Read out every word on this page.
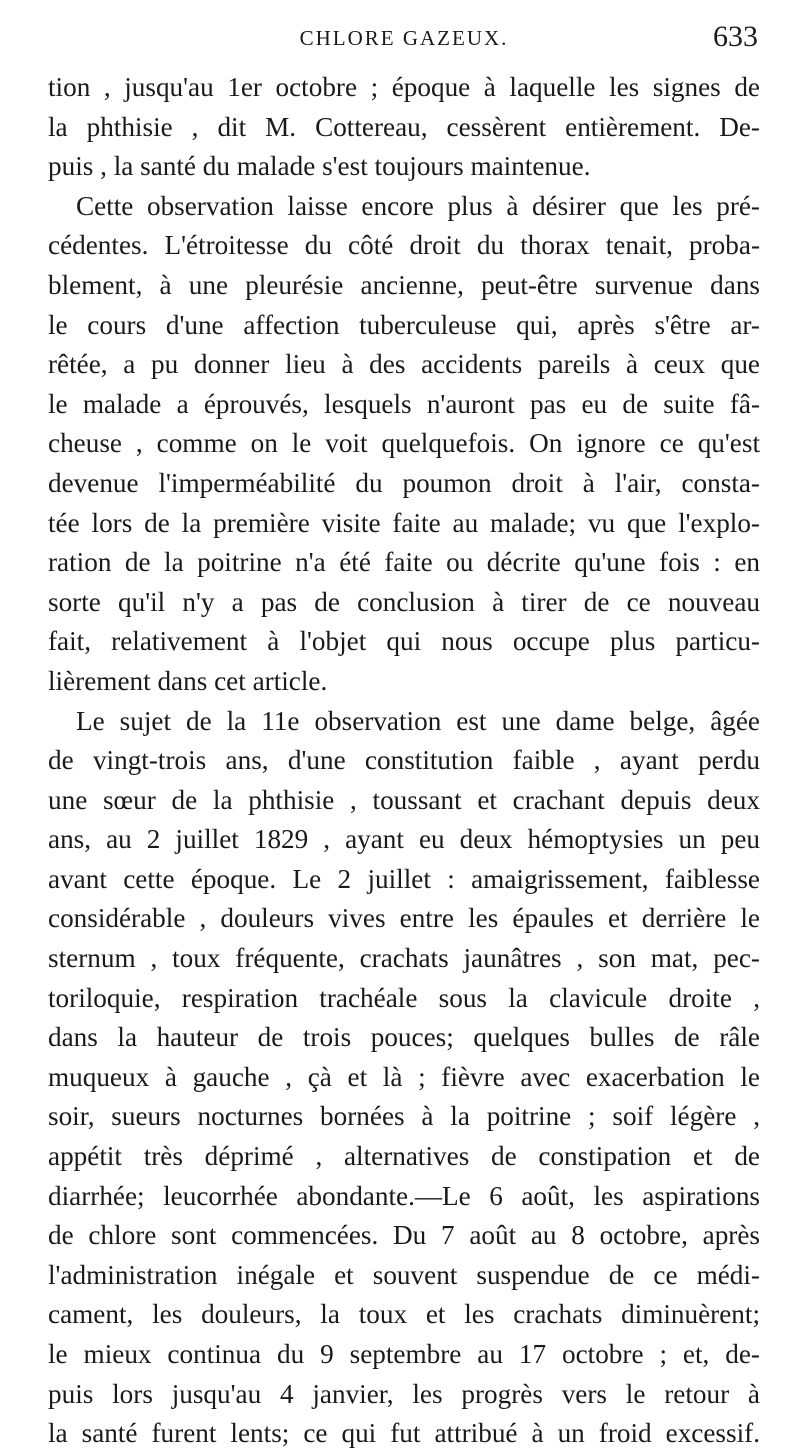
CHLORE GAZEUX.	633
tion , jusqu'au 1er octobre ; époque à laquelle les signes de
la phthisie , dit M. Cottereau, cessèrent entièrement. De-
puis , la santé du malade s'est toujours maintenue.
Cette observation laisse encore plus à désirer que les pré-
cédentes. L'étroitesse du côté droit du thorax tenait, proba-
blement, à une pleurésie ancienne, peut-être survenue dans
le cours d'une affection tuberculeuse qui, après s'être ar-
rêtée, a pu donner lieu à des accidents pareils à ceux que
le malade a éprouvés, lesquels n'auront pas eu de suite fâ-
cheuse , comme on le voit quelquefois. On ignore ce qu'est
devenue l'imperméabilité du poumon droit à l'air, consta-
tée lors de la première visite faite au malade; vu que l'explo-
ration de la poitrine n'a été faite ou décrite qu'une fois : en
sorte qu'il n'y a pas de conclusion à tirer de ce nouveau
fait, relativement à l'objet qui nous occupe plus particu-
lièrement dans cet article.
Le sujet de la 11e observation est une dame belge, âgée
de vingt-trois ans, d'une constitution faible , ayant perdu
une sœur de la phthisie , toussant et crachant depuis deux
ans, au 2 juillet 1829 , ayant eu deux hémoptysies un peu
avant cette époque. Le 2 juillet : amaigrissement, faiblesse
considérable , douleurs vives entre les épaules et derrière le
sternum , toux fréquente, crachats jaunâtres , son mat, pec-
toriloquie, respiration trachéale sous la clavicule droite ,
dans la hauteur de trois pouces; quelques bulles de râle
muqueux à gauche , çà et là ; fièvre avec exacerbation le
soir, sueurs nocturnes bornées à la poitrine ; soif légère ,
appétit très déprimé , alternatives de constipation et de
diarrhée; leucorrhée abondante.—Le 6 août, les aspirations
de chlore sont commencées. Du 7 août au 8 octobre, après
l'administration inégale et souvent suspendue de ce médi-
cament, les douleurs, la toux et les crachats diminuèrent;
le mieux continua du 9 septembre au 17 octobre ; et, de-
puis lors jusqu'au 4 janvier, les progrès vers le retour à
la santé furent lents; ce qui fut attribué à un froid excessif.
